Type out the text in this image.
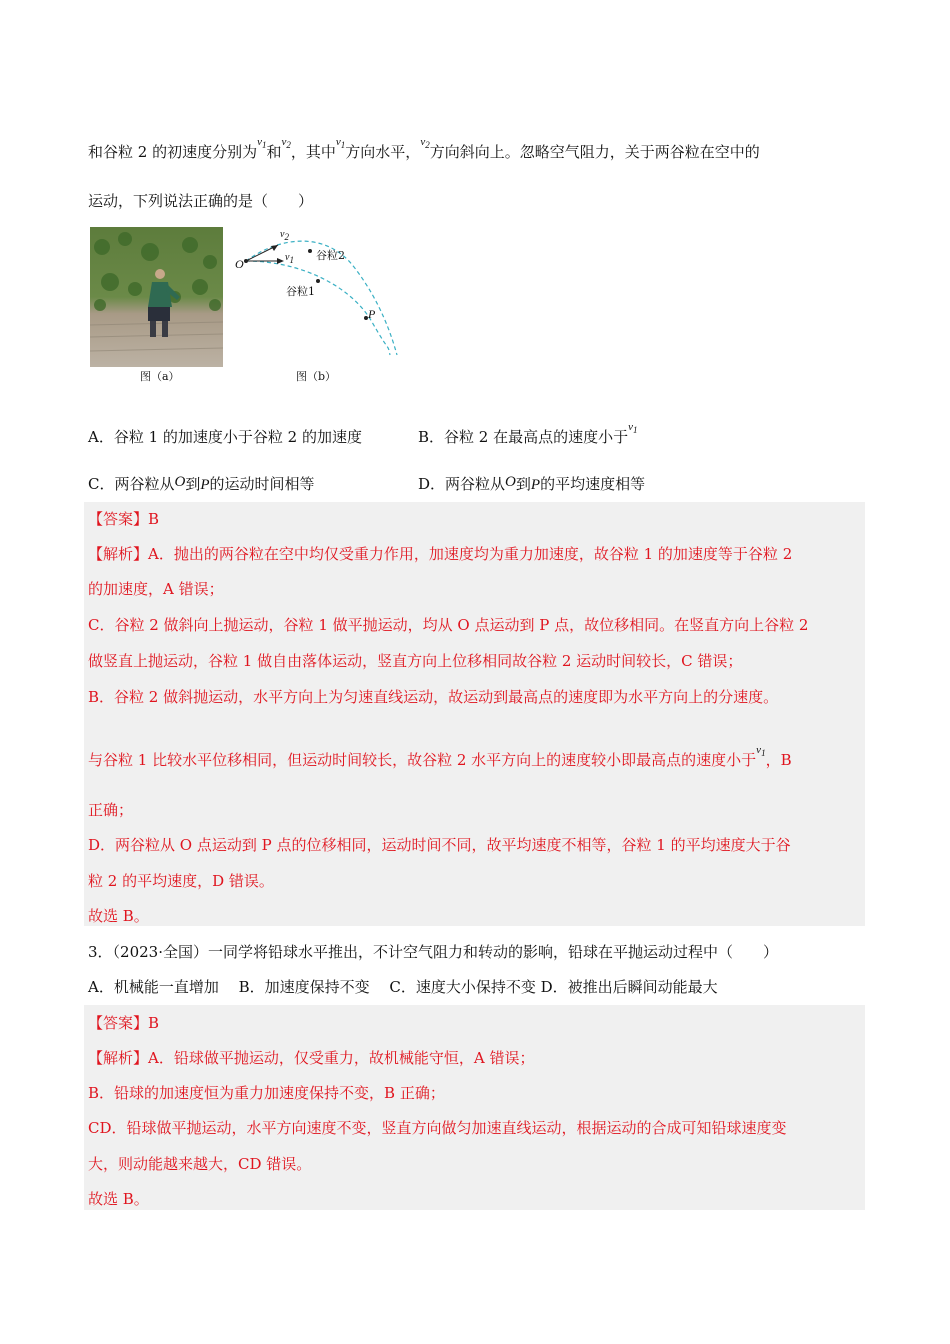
和谷粒 2 的初速度分别为$^{v_1}$和$^{v_2}$，其中$^{v_1}$方向水平，$^{v_2}$方向斜向上。忽略空气阻力，关于两谷粒在空中的
运动，下列说法正确的是（　　）
图（a）
O
P
v2
v1 谷粒2
谷粒1
图（b）
A．谷粒 1 的加速度小于谷粒 2 的加速度	B．谷粒 2 在最高点的速度小于$^{v_1}$
C．两谷粒从O到P的运动时间相等	D．两谷粒从O到P的平均速度相等
【答案】B
【解析】A．抛出的两谷粒在空中均仅受重力作用，加速度均为重力加速度，故谷粒 1 的加速度等于谷粒 2
的加速度，A 错误；
C．谷粒 2 做斜向上抛运动，谷粒 1 做平抛运动，均从 O 点运动到 P 点，故位移相同。在竖直方向上谷粒 2
做竖直上抛运动，谷粒 1 做自由落体运动，竖直方向上位移相同故谷粒 2 运动时间较长，C 错误；
B．谷粒 2 做斜抛运动，水平方向上为匀速直线运动，故运动到最高点的速度即为水平方向上的分速度。
与谷粒 1 比较水平位移相同，但运动时间较长，故谷粒 2 水平方向上的速度较小即最高点的速度小于$^{v_1}$，B
正确；
D．两谷粒从 O 点运动到 P 点的位移相同，运动时间不同，故平均速度不相等，谷粒 1 的平均速度大于谷
粒 2 的平均速度，D 错误。
故选 B。
3．（2023·全国）一同学将铅球水平推出，不计空气阻力和转动的影响，铅球在平抛运动过程中（　　）
A．机械能一直增加　 B．加速度保持不变　 C．速度大小保持不变 D．被推出后瞬间动能最大
【答案】B
【解析】A．铅球做平抛运动，仅受重力，故机械能守恒，A 错误；
B．铅球的加速度恒为重力加速度保持不变，B 正确；
CD．铅球做平抛运动，水平方向速度不变，竖直方向做匀加速直线运动，根据运动的合成可知铅球速度变
大，则动能越来越大，CD 错误。
故选 B。
